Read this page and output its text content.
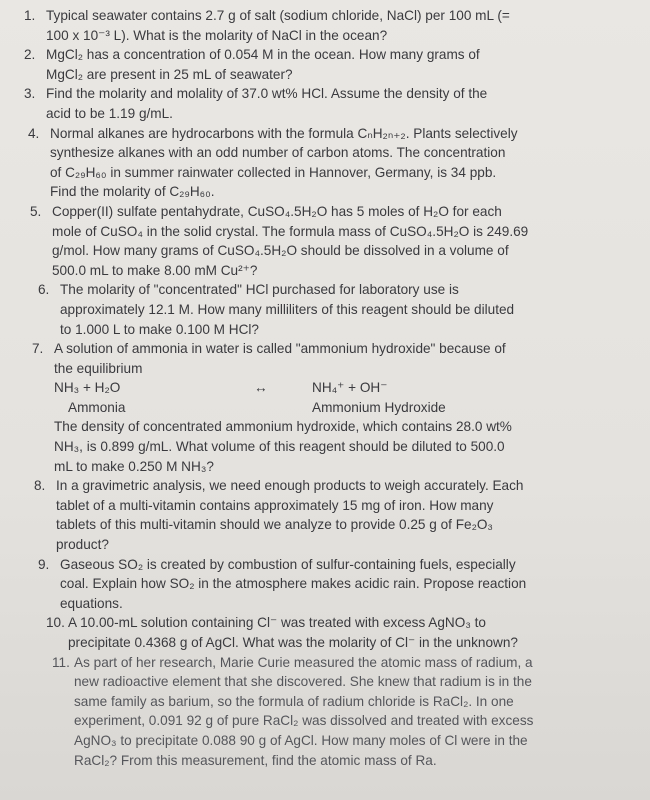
1. Typical seawater contains 2.7 g of salt (sodium chloride, NaCl) per 100 mL (=
100 x 10⁻³ L). What is the molarity of NaCl in the ocean?
2. MgCl₂ has a concentration of 0.054 M in the ocean. How many grams of
MgCl₂ are present in 25 mL of seawater?
3. Find the molarity and molality of 37.0 wt% HCl. Assume the density of the
acid to be 1.19 g/mL.
4. Normal alkanes are hydrocarbons with the formula CₙH₂ₙ₊₂. Plants selectively
synthesize alkanes with an odd number of carbon atoms. The concentration
of C₂₉H₆₀ in summer rainwater collected in Hannover, Germany, is 34 ppb.
Find the molarity of C₂₉H₆₀.
5. Copper(II) sulfate pentahydrate, CuSO₄.5H₂O has 5 moles of H₂O for each
mole of CuSO₄ in the solid crystal. The formula mass of CuSO₄.5H₂O is 249.69
g/mol. How many grams of CuSO₄.5H₂O should be dissolved in a volume of
500.0 mL to make 8.00 mM Cu²⁺?
6. The molarity of "concentrated" HCl purchased for laboratory use is
approximately 12.1 M. How many milliliters of this reagent should be diluted
to 1.000 L to make 0.100 M HCl?
7. A solution of ammonia in water is called "ammonium hydroxide" because of
the equilibrium
NH₃ + H₂O	↔	NH₄⁺ + OH⁻
Ammonia	Ammonium Hydroxide
The density of concentrated ammonium hydroxide, which contains 28.0 wt%
NH₃, is 0.899 g/mL. What volume of this reagent should be diluted to 500.0
mL to make 0.250 M NH₃?
8. In a gravimetric analysis, we need enough products to weigh accurately. Each
tablet of a multi-vitamin contains approximately 15 mg of iron. How many
tablets of this multi-vitamin should we analyze to provide 0.25 g of Fe₂O₃
product?
9. Gaseous SO₂ is created by combustion of sulfur-containing fuels, especially
coal. Explain how SO₂ in the atmosphere makes acidic rain. Propose reaction
equations.
10. A 10.00-mL solution containing Cl⁻ was treated with excess AgNO₃ to
precipitate 0.4368 g of AgCl. What was the molarity of Cl⁻ in the unknown?
11. As part of her research, Marie Curie measured the atomic mass of radium, a
new radioactive element that she discovered. She knew that radium is in the
same family as barium, so the formula of radium chloride is RaCl₂. In one
experiment, 0.091 92 g of pure RaCl₂ was dissolved and treated with excess
AgNO₃ to precipitate 0.088 90 g of AgCl. How many moles of Cl were in the
RaCl₂? From this measurement, find the atomic mass of Ra.
